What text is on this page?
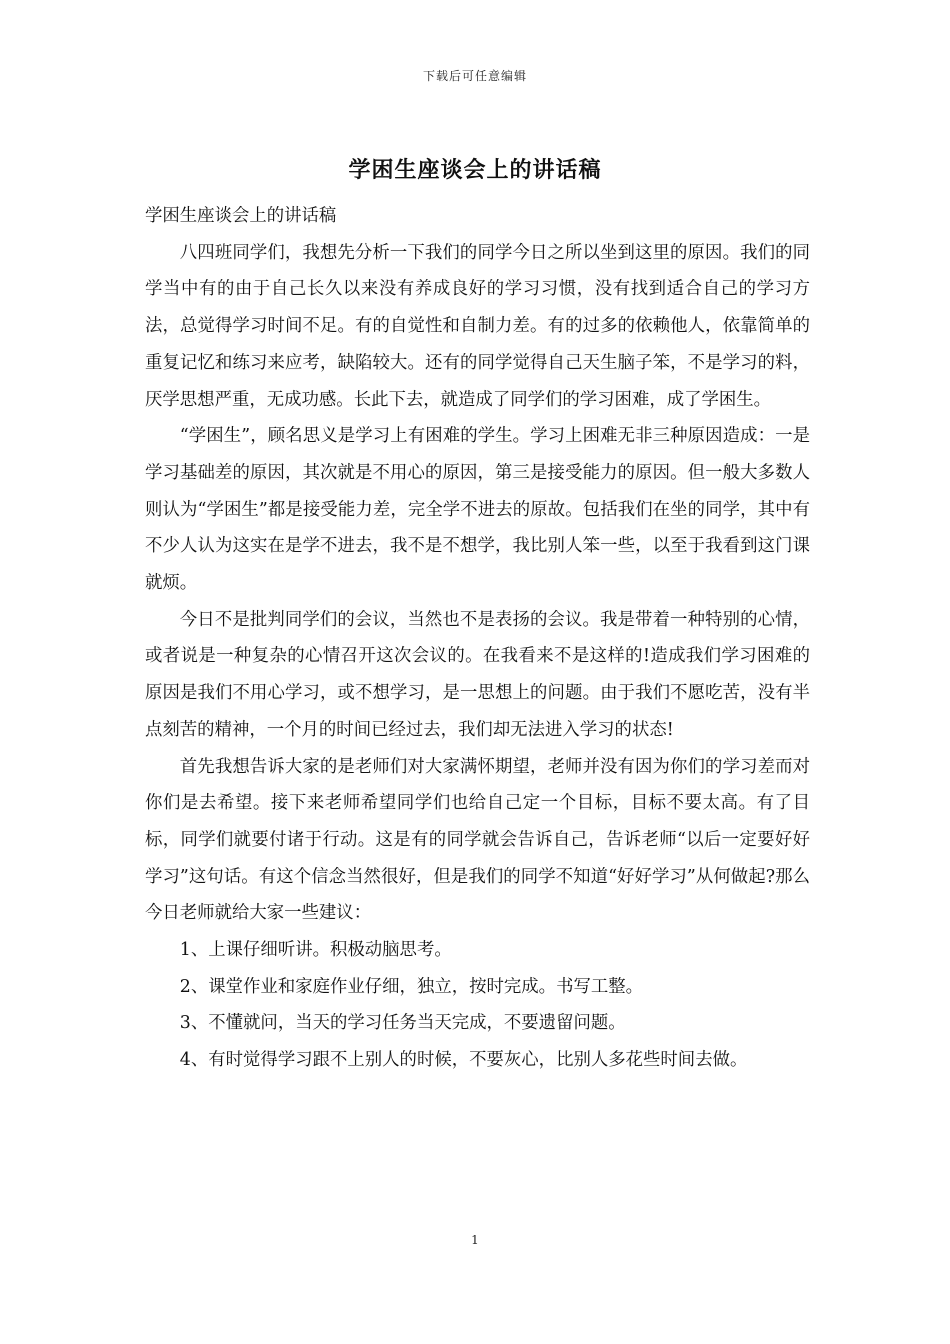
下载后可任意编辑
学困生座谈会上的讲话稿

学困生座谈会上的讲话稿

八四班同学们，我想先分析一下我们的同学今日之所以坐到这里的原因。我们的同学当中有的由于自己长久以来没有养成良好的学习习惯，没有找到适合自己的学习方法，总觉得学习时间不足。有的自觉性和自制力差。有的过多的依赖他人，依靠简单的重复记忆和练习来应考，缺陷较大。还有的同学觉得自己天生脑子笨，不是学习的料，厌学思想严重，无成功感。长此下去，就造成了同学们的学习困难，成了学困生。

“学困生”，顾名思义是学习上有困难的学生。学习上困难无非三种原因造成：一是学习基础差的原因，其次就是不用心的原因，第三是接受能力的原因。但一般大多数人则认为“学困生”都是接受能力差，完全学不进去的原故。包括我们在坐的同学，其中有不少人认为这实在是学不进去，我不是不想学，我比别人笨一些，以至于我看到这门课就烦。

今日不是批判同学们的会议，当然也不是表扬的会议。我是带着一种特别的心情，或者说是一种复杂的心情召开这次会议的。在我看来不是这样的!造成我们学习困难的原因是我们不用心学习，或不想学习，是一思想上的问题。由于我们不愿吃苦，没有半点刻苦的精神，一个月的时间已经过去，我们却无法进入学习的状态!

首先我想告诉大家的是老师们对大家满怀期望，老师并没有因为你们的学习差而对你们是去希望。接下来老师希望同学们也给自己定一个目标，目标不要太高。有了目标，同学们就要付诸于行动。这是有的同学就会告诉自己，告诉老师“以后一定要好好学习”这句话。有这个信念当然很好，但是我们的同学不知道“好好学习”从何做起?那么今日老师就给大家一些建议：

1、上课仔细听讲。积极动脑思考。

2、课堂作业和家庭作业仔细，独立，按时完成。书写工整。

3、不懂就问，当天的学习任务当天完成，不要遗留问题。

4、有时觉得学习跟不上别人的时候，不要灰心，比别人多花些时间去做。

1
